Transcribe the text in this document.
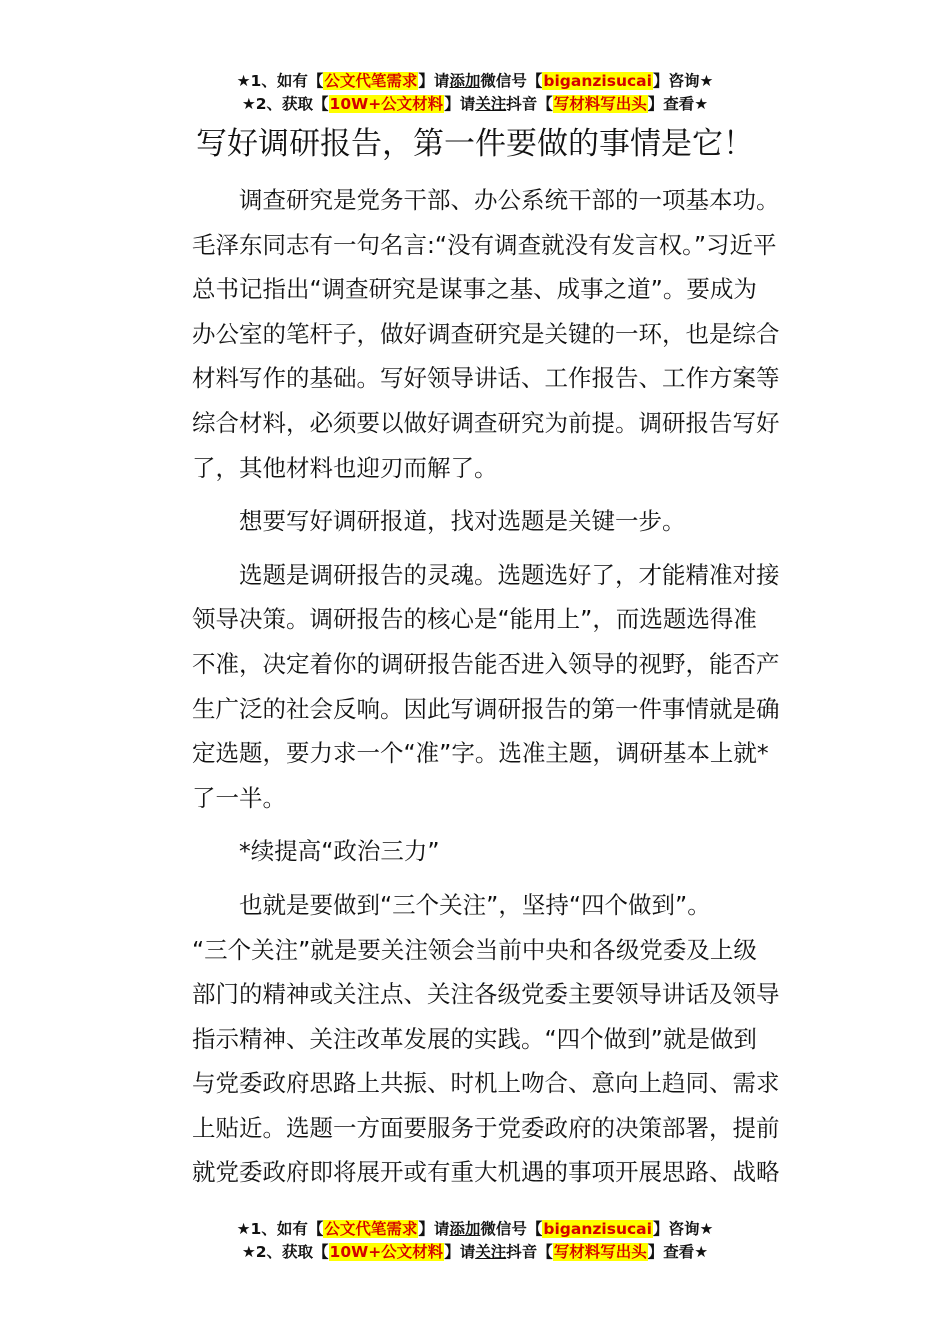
★1、如有【公文代笔需求】请添加微信号【biganzisucai】咨询★
★2、获取【10W+公文材料】请关注抖音【写材料写出头】查看★
写好调研报告，第一件要做的事情是它！
调查研究是党务干部、办公系统干部的一项基本功。
毛泽东同志有一句名言:“没有调查就没有发言权。”习近平
总书记指出“调查研究是谋事之基、成事之道”。要成为
办公室的笔杆子，做好调查研究是关键的一环，也是综合
材料写作的基础。写好领导讲话、工作报告、工作方案等
综合材料，必须要以做好调查研究为前提。调研报告写好
了，其他材料也迎刃而解了。
想要写好调研报道，找对选题是关键一步。
选题是调研报告的灵魂。选题选好了，才能精准对接
领导决策。调研报告的核心是“能用上”，而选题选得准
不准，决定着你的调研报告能否进入领导的视野，能否产
生广泛的社会反响。因此写调研报告的第一件事情就是确
定选题，要力求一个“准”字。选准主题，调研基本上就*
了一半。
*续提高“政治三力”
也就是要做到“三个关注”，坚持“四个做到”。
“三个关注”就是要关注领会当前中央和各级党委及上级
部门的精神或关注点、关注各级党委主要领导讲话及领导
指示精神、关注改革发展的实践。“四个做到”就是做到
与党委政府思路上共振、时机上吻合、意向上趋同、需求
上贴近。选题一方面要服务于党委政府的决策部署，提前
就党委政府即将展开或有重大机遇的事项开展思路、战略
★1、如有【公文代笔需求】请添加微信号【biganzisucai】咨询★
★2、获取【10W+公文材料】请关注抖音【写材料写出头】查看★
